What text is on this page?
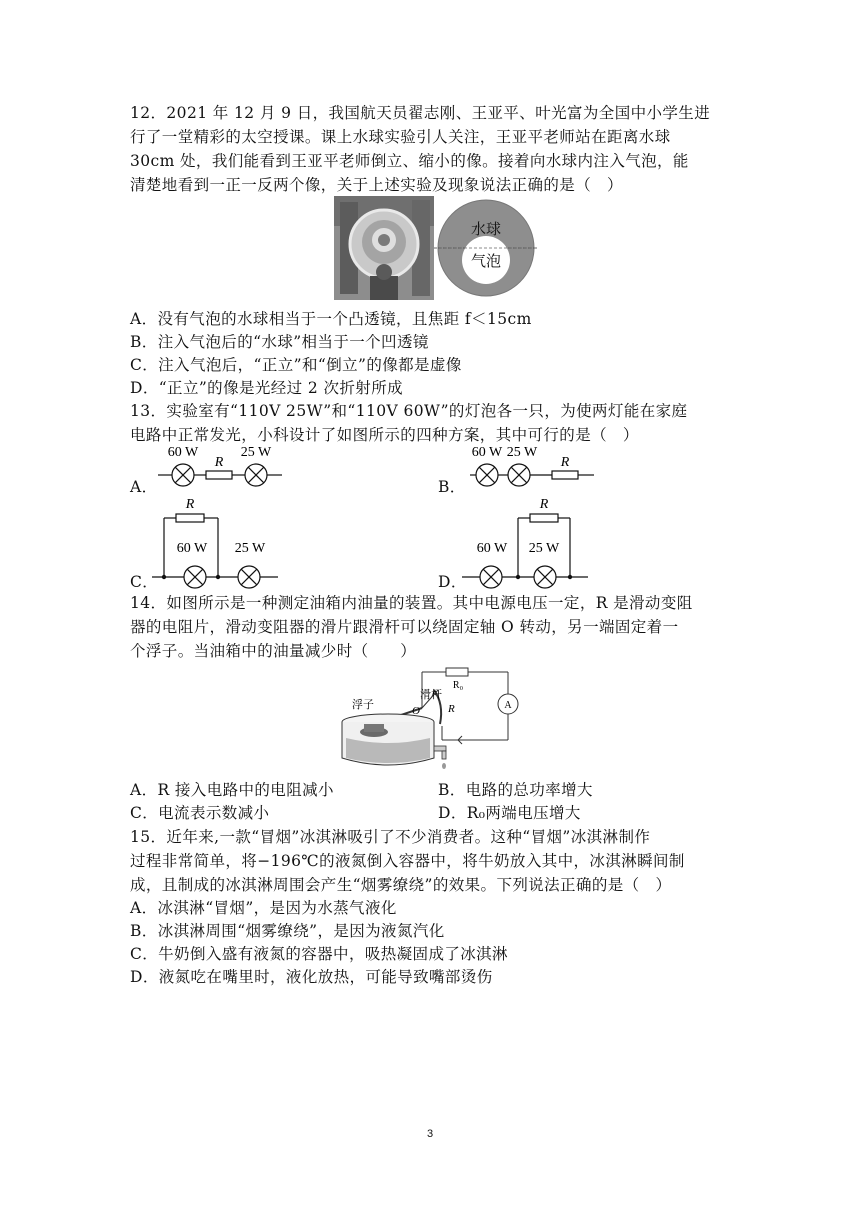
12．2021 年 12 月 9 日，我国航天员翟志刚、王亚平、叶光富为全国中小学生进
行了一堂精彩的太空授课。课上水球实验引人关注，王亚平老师站在距离水球
30cm 处，我们能看到王亚平老师倒立、缩小的像。接着向水球内注入气泡，能
清楚地看到一正一反两个像，关于上述实验及现象说法正确的是（　）
水球
气泡
A．没有气泡的水球相当于一个凸透镜，且焦距 f＜15cm
B．注入气泡后的“水球”相当于一个凹透镜
C．注入气泡后，“正立”和“倒立”的像都是虚像
D．“正立”的像是光经过 2 次折射所成
13．实验室有“110V 25W”和“110V 60W”的灯泡各一只，为使两灯能在家庭
电路中正常发光，小科设计了如图所示的四种方案，其中可行的是（　）
A．
60 W
R
25 W
B．
60 W 25 W
R
C．
R
60 W 25 W
D．
R
60 W 25 W
14．如图所示是一种测定油箱内油量的装置。其中电源电压一定，R 是滑动变阻
器的电阻片，滑动变阻器的滑片跟滑杆可以绕固定轴 O 转动，另一端固定着一
个浮子。当油箱中的油量减少时（　　）
R₀
浮子
滑杆
O	R	A
A．R 接入电路中的电阻减小	B．电路的总功率增大
C．电流表示数减小	D．R₀两端电压增大
15．近年来,一款“冒烟”冰淇淋吸引了不少消费者。这种“冒烟”冰淇淋制作
过程非常简单，将−196℃的液氮倒入容器中，将牛奶放入其中，冰淇淋瞬间制
成，且制成的冰淇淋周围会产生“烟雾缭绕”的效果。下列说法正确的是（　）
A．冰淇淋“冒烟”，是因为水蒸气液化
B．冰淇淋周围“烟雾缭绕”，是因为液氮汽化
C．牛奶倒入盛有液氮的容器中，吸热凝固成了冰淇淋
D．液氮吃在嘴里时，液化放热，可能导致嘴部烫伤
3
